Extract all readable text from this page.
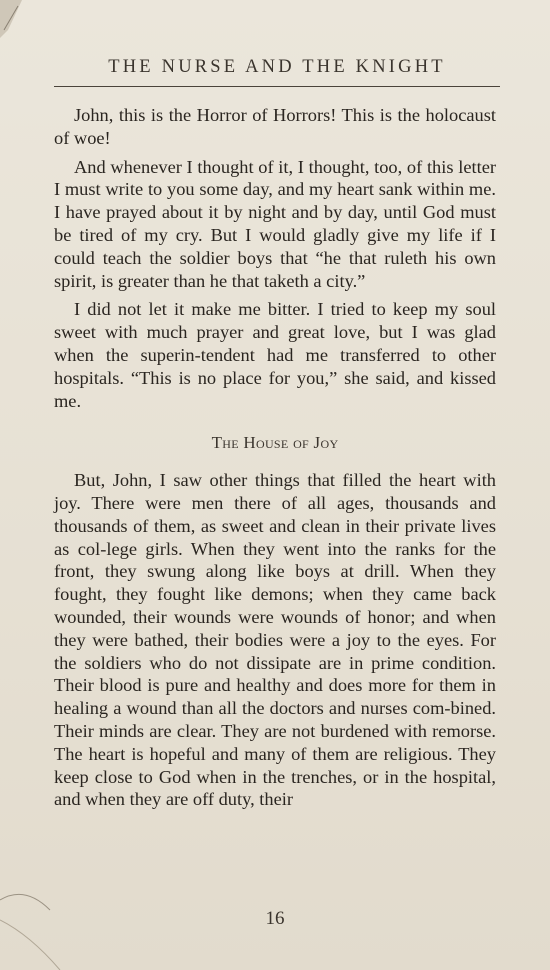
THE NURSE AND THE KNIGHT

John, this is the Horror of Horrors! This is the holocaust of woe!

And whenever I thought of it, I thought, too, of this letter I must write to you some day, and my heart sank within me. I have prayed about it by night and by day, until God must be tired of my cry. But I would gladly give my life if I could teach the soldier boys that “he that ruleth his own spirit, is greater than he that taketh a city.”

I did not let it make me bitter. I tried to keep my soul sweet with much prayer and great love, but I was glad when the superin-tendent had me transferred to other hospitals. “This is no place for you,” she said, and kissed me.

The House of Joy

But, John, I saw other things that filled the heart with joy. There were men there of all ages, thousands and thousands of them, as sweet and clean in their private lives as col-lege girls. When they went into the ranks for the front, they swung along like boys at drill. When they fought, they fought like demons; when they came back wounded, their wounds were wounds of honor; and when they were bathed, their bodies were a joy to the eyes. For the soldiers who do not dissipate are in prime condition. Their blood is pure and healthy and does more for them in healing a wound than all the doctors and nurses com-bined. Their minds are clear. They are not burdened with remorse. The heart is hopeful and many of them are religious. They keep close to God when in the trenches, or in the hospital, and when they are off duty, their

16
